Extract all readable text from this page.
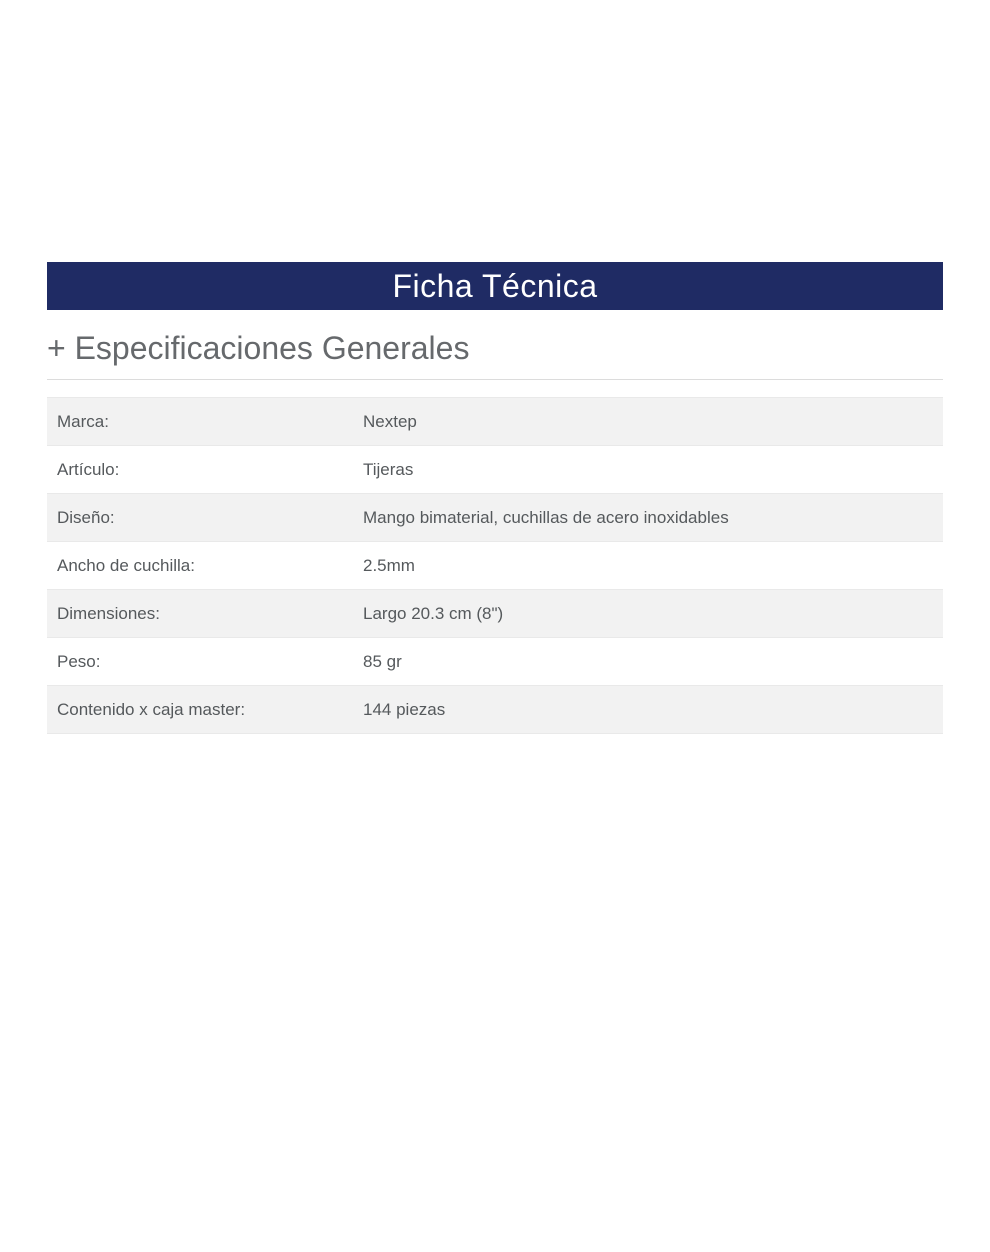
Ficha Técnica
+ Especificaciones Generales
Marca:	Nextep
Artículo:	Tijeras
Diseño:	Mango bimaterial, cuchillas de acero inoxidables
Ancho de cuchilla:	2.5mm
Dimensiones:	Largo 20.3 cm (8")
Peso:	85 gr
Contenido x caja master:	144 piezas
